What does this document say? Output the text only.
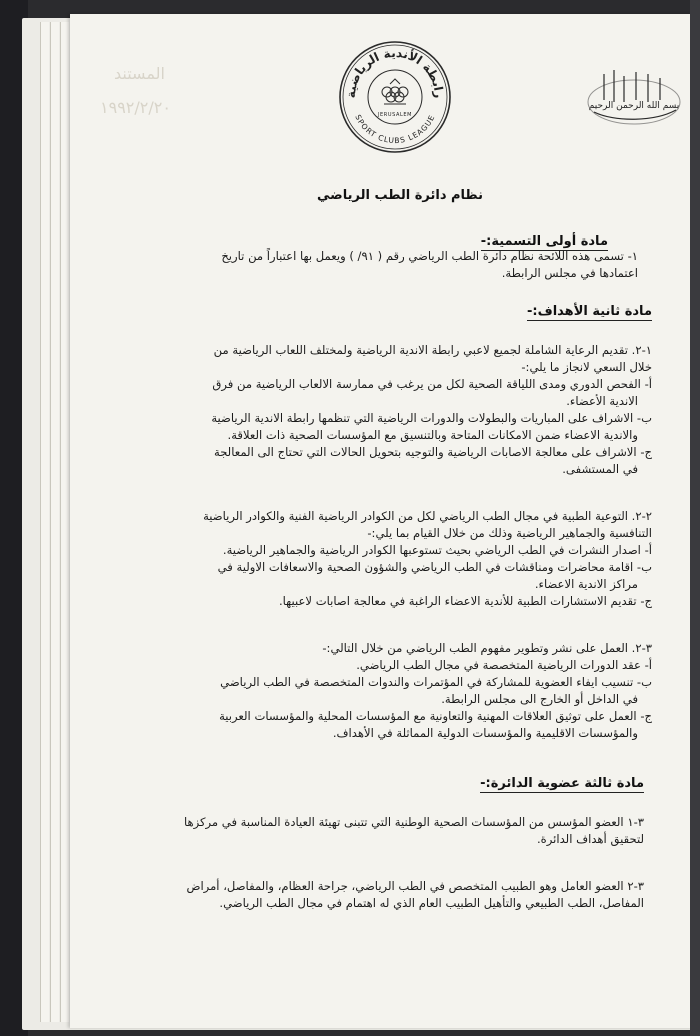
المستند
١٩٩٢/٢/٢٠
رابطة الأندية الرياضية
SPORT CLUBS LEAGUE
JERUSALEM
بسم الله الرحمن الرحيم
نظام دائرة الطب الرياضي
مادة أولى التسمية:-

١- تسمى هذه اللائحة نظام دائرة الطب الرياضي رقم ( ٩١/ ) ويعمل بها اعتباراً من تاريخ

اعتمادها في مجلس الرابطة.

مادة ثانية الأهداف:-

١-٢. تقديم الرعاية الشاملة لجميع لاعبي رابطة الاندية الرياضية ولمختلف اللعاب الرياضية من

خلال السعي لانجاز ما يلي:-

أ- الفحص الدوري ومدى اللياقة الصحية لكل من يرغب في ممارسة الالعاب الرياضية من فرق

الاندية الأعضاء.

ب- الاشراف على المباريات والبطولات والدورات الرياضية التي تنظمها رابطة الاندية الرياضية

والاندية الاعضاء ضمن الامكانات المتاحة وبالتنسيق مع المؤسسات الصحية ذات العلاقة.

ج- الاشراف على معالجة الاصابات الرياضية والتوجيه بتحويل الحالات التي تحتاج الى المعالجة

في المستشفى.

٢-٢. التوعية الطبية في مجال الطب الرياضي لكل من الكوادر الرياضية الفنية والكوادر الرياضية

التنافسية والجماهير الرياضية وذلك من خلال القيام بما يلي:-

أ- اصدار النشرات في الطب الرياضي بحيث تستوعبها الكوادر الرياضية والجماهير الرياضية.

ب- اقامة محاضرات ومناقشات في الطب الرياضي والشؤون الصحية والاسعافات الاولية في

مراكز الاندية الاعضاء.

ج- تقديم الاستشارات الطبية للأندية الاعضاء الراغبة في معالجة اصابات لاعبيها.

٣-٢. العمل على نشر وتطوير مفهوم الطب الرياضي من خلال التالي:-

أ- عقد الدورات الرياضية المتخصصة في مجال الطب الرياضي.

ب- تنسيب ايفاء العضوية للمشاركة في المؤتمرات والندوات المتخصصة في الطب الرياضي

في الداخل أو الخارج الى مجلس الرابطة.

ج- العمل على توثيق العلاقات المهنية والتعاونية مع المؤسسات المحلية والمؤسسات العربية

والمؤسسات الاقليمية والمؤسسات الدولية المماثلة في الأهداف.

مادة ثالثة عضوية الدائرة:-

٣-١ العضو المؤسس من المؤسسات الصحية الوطنية التي تتبنى تهيئة العيادة المناسبة في مركزها

لتحقيق أهداف الدائرة.

٣-٢ العضو العامل وهو الطبيب المتخصص في الطب الرياضي، جراحة العظام، والمفاصل، أمراض

المفاصل، الطب الطبيعي والتأهيل الطبيب العام الذي له اهتمام في مجال الطب الرياضي.
